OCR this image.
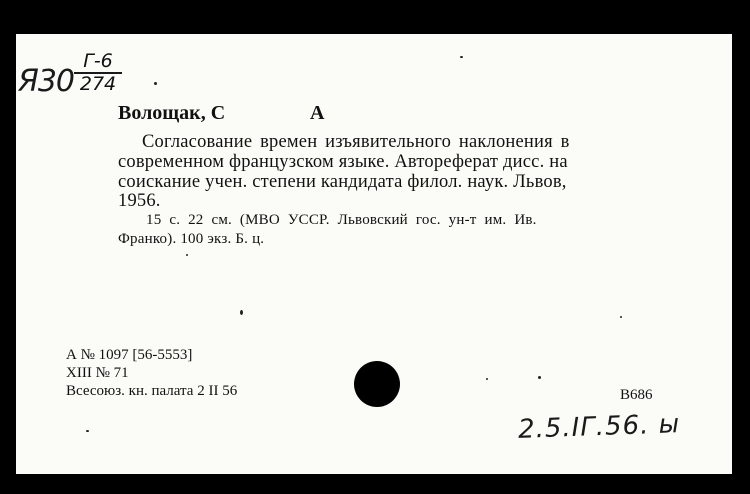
Я30
Г-6
274
Волощак, С	А
Согласование времен изъявительного наклонения в
современном французском языке. Автореферат дисс. на
соискание учен. степени кандидата филол. наук. Львов,
1956.
15 с. 22 см. (МВО УССР. Львовский гос. ун-т им. Ив.
Франко). 100 экз. Б. ц.
А № 1097 [56-5553]
XIII № 71
Всесоюз. кн. палата 2 II 56	В686
2.5.IГ.56. ы
